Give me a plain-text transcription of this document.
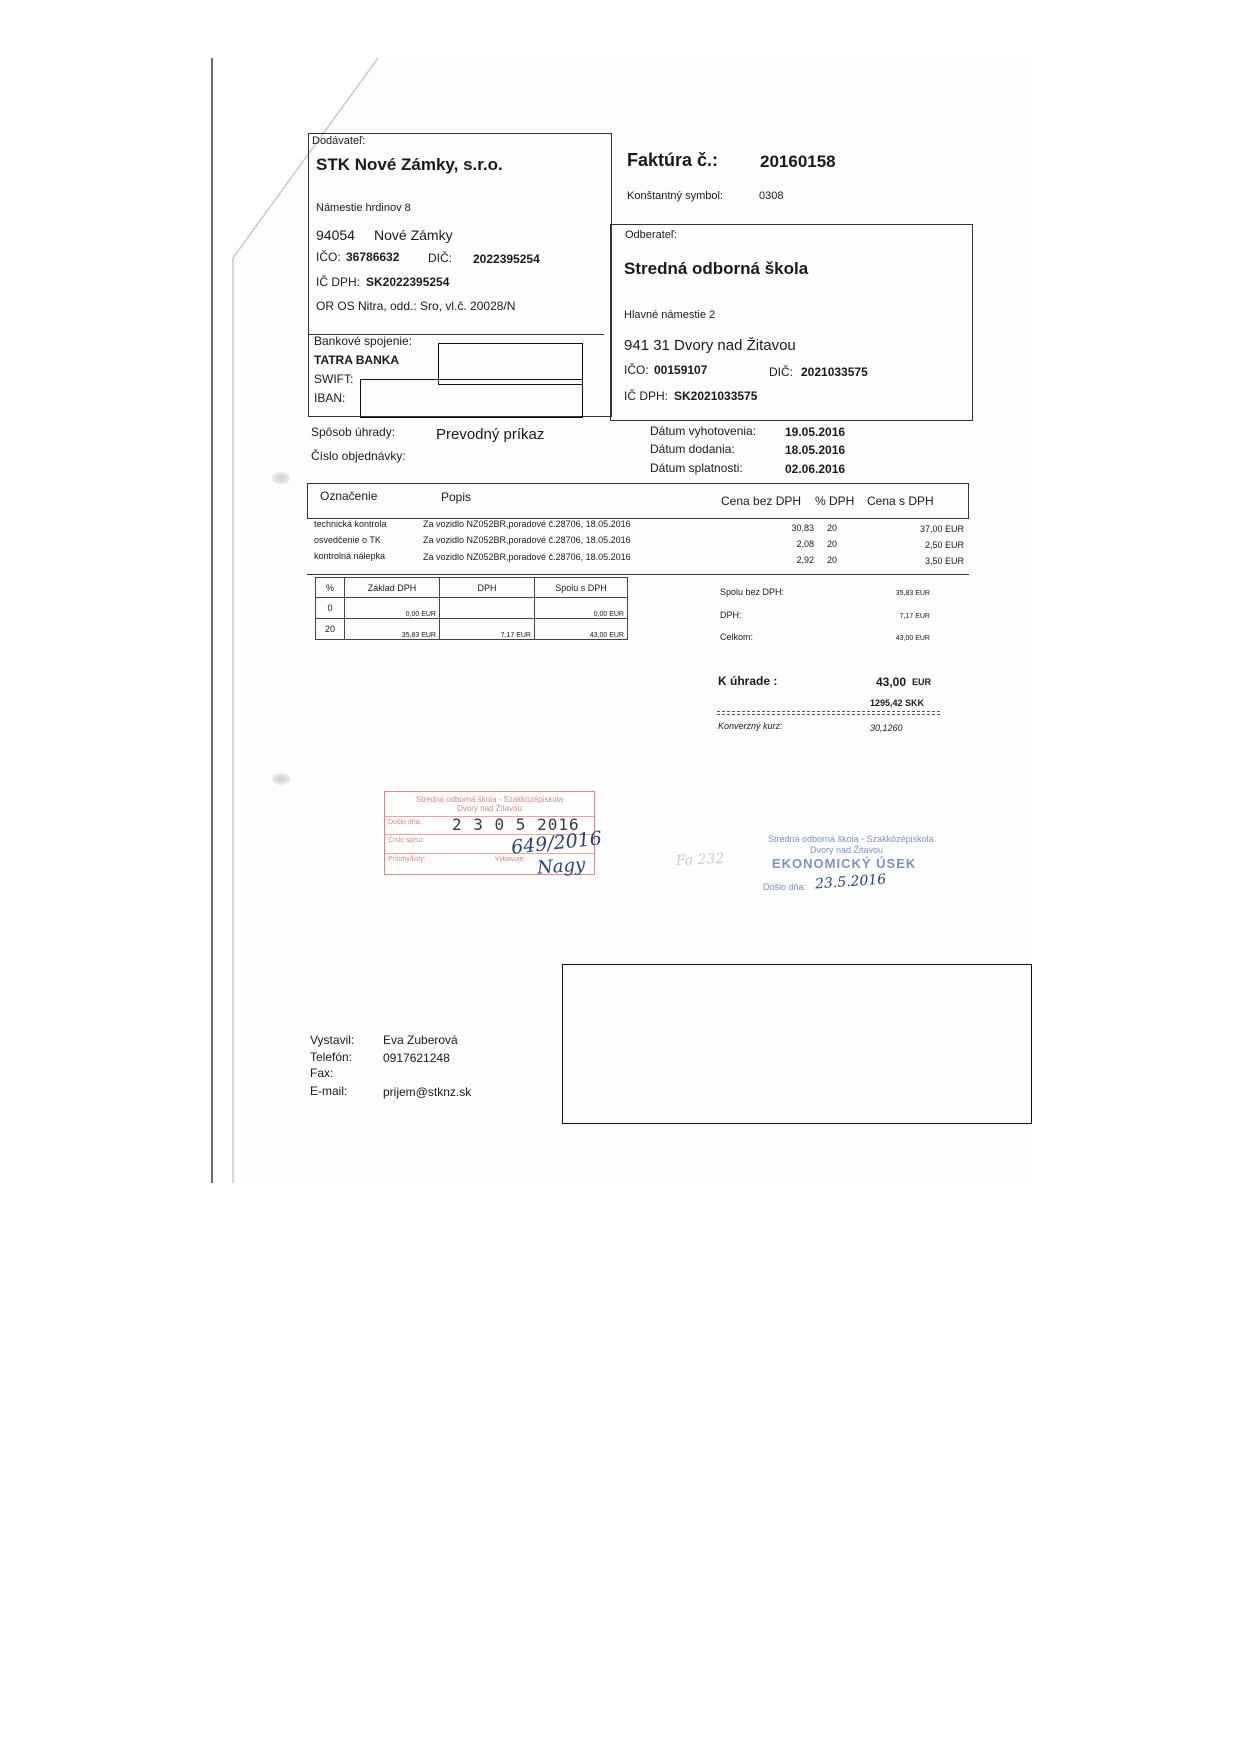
Dodávateľ:
STK Nové Zámky, s.r.o.
Námestie hrdinov 8
94054 Nové Zámky
IČO: 36786632 DIČ: 2022395254
IČ DPH: SK2022395254
OR OS Nitra, odd.: Sro, vl.č. 20028/N
Bankové spojenie:
TATRA BANKA
SWIFT:
IBAN:
Faktúra č.: 20160158
Konštantný symbol:	0308
Odberateľ:
Stredná odborná škola
Hlavné námestie 2
941 31 Dvory nad Žitavou
IČO: 00159107	DIČ: 2021033575
IČ DPH: SK2021033575
Spôsob úhrady:	Prevodný príkaz
Číslo objednávky:
Dátum vyhotovenia: 19.05.2016
Dátum dodania:	18.05.2016
Dátum splatnosti:	02.06.2016
Označenie	Popis	Cena bez DPH % DPH Cena s DPH
technická kontrola	Za vozidlo NZ052BR,poradové č.28706, 18.05.2016	30,83 20	37,00 EUR
osvedčenie o TK	Za vozidlo NZ052BR,poradové č.28706, 18.05.2016	2,08 20	2,50 EUR
kontrolná nálepka	Za vozidlo NZ052BR,poradové č.28706, 18.05.2016	2,92 20	3,50 EUR
%	Základ DPH	DPH	Spolu s DPH
0	0,00 EUR		0,00 EUR
20	35,83 EUR	7,17 EUR	43,00 EUR
Spolu bez DPH:	35,83 EUR
DPH:	7,17 EUR
Celkom:	43,00 EUR
K úhrade :	43,00 EUR
1295,42 SKK
Konverzný kurz:	30,1260
Stredná odborná škola - Szakközépiskola
Dvory nad Žitavou
Došlo dňa:
Číslo spisu:
Prílohy/listy:	Vybavuje:
2 3 0 5 2016
649/2016
Nagy	Fa 232
Stredná odborná škola - Szakközépiskola
Dvory nad Žitavou
EKONOMICKÝ ÚSEK
Došlo dňa: 23.5.2016
Vystavil: Eva Zuberová
Telefón:	0917621248
Fax:
E-mail:	prijem@stknz.sk
